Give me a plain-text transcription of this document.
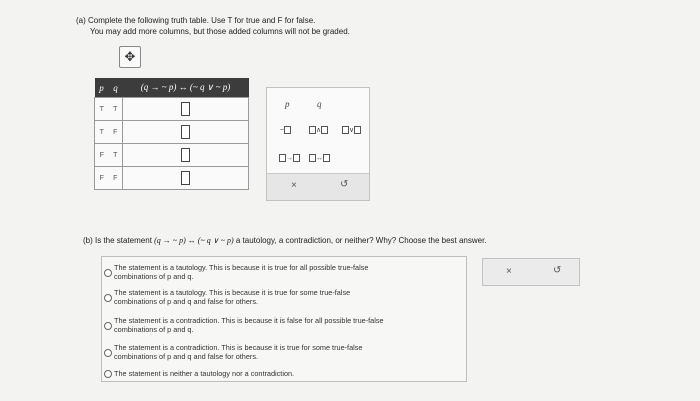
(a) Complete the following truth table. Use T for true and F for false.
You may add more columns, but those added columns will not be graded.
✥
p	q	(q → ~ p) ↔ (~ q ∨ ~ p)
T	T	
T	F	
F	T	
F	F	
p	q
~	∧	∨
→	↔
×	↺
(b) Is the statement (q → ~ p) ↔ (~ q ∨ ~ p) a tautology, a contradiction, or neither? Why? Choose the best answer.
The statement is a tautology. This is because it is true for all possible true-false
combinations of p and q.
The statement is a tautology. This is because it is true for some true-false
combinations of p and q and false for others.
The statement is a contradiction. This is because it is false for all possible true-false
combinations of p and q.
The statement is a contradiction. This is because it is true for some true-false
combinations of p and q and false for others.
The statement is neither a tautology nor a contradiction.
×	↺
